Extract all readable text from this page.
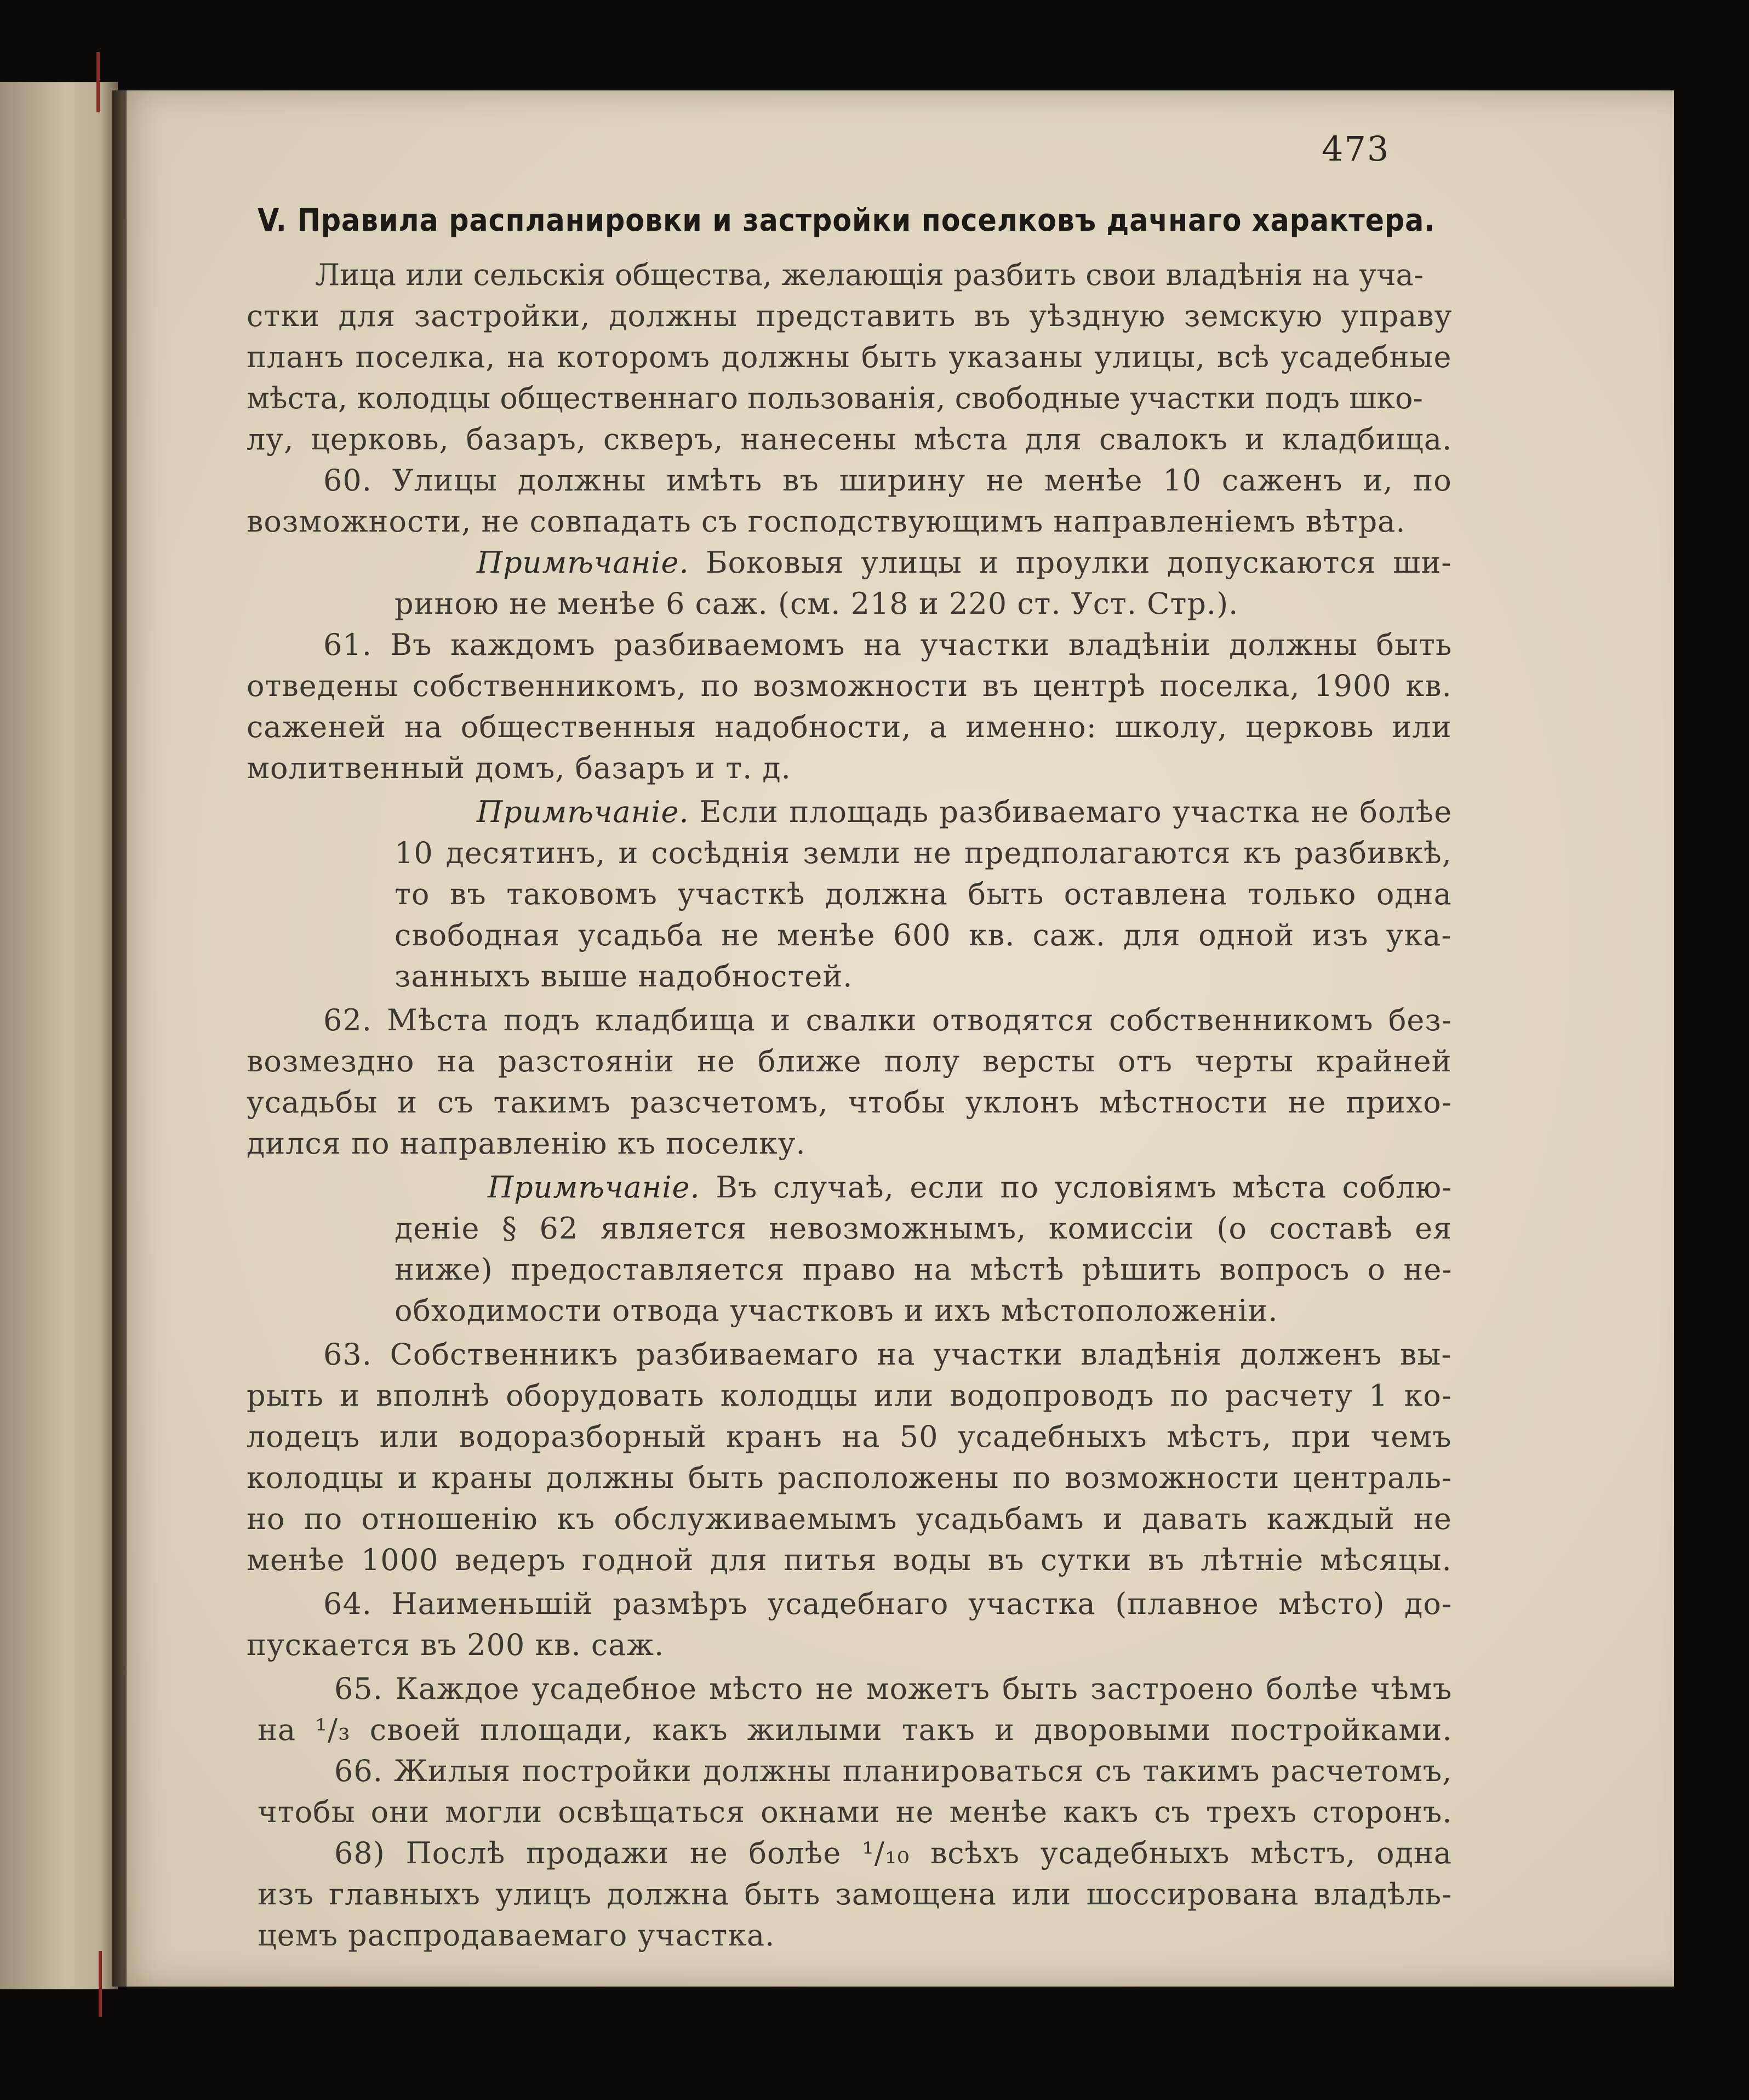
473
V. Правила распланировки и застройки поселковъ дачнаго характера.
Лица или сельскія общества, желающія разбить свои владѣнія на уча-
стки для застройки, должны представить въ уѣздную земскую управу
планъ поселка, на которомъ должны быть указаны улицы, всѣ усадебные
мѣста, колодцы общественнаго пользованія, свободные участки подъ шко-
лу, церковь, базаръ, скверъ, нанесены мѣста для свалокъ и кладбища.
60. Улицы должны имѣть въ ширину не менѣе 10 саженъ и, по
возможности, не совпадать съ господствующимъ направленіемъ вѣтра.
Примѣчаніе. Боковыя улицы и проулки допускаются ши-
риною не менѣе 6 саж. (см. 218 и 220 ст. Уст. Стр.).
61. Въ каждомъ разбиваемомъ на участки владѣніи должны быть
отведены собственникомъ, по возможности въ центрѣ поселка, 1900 кв.
саженей на общественныя надобности, а именно: школу, церковь или
молитвенный домъ, базаръ и т. д.
Примѣчаніе. Если площадь разбиваемаго участка не болѣе
10 десятинъ, и сосѣднія земли не предполагаются къ разбивкѣ,
то въ таковомъ участкѣ должна быть оставлена только одна
свободная усадьба не менѣе 600 кв. саж. для одной изъ ука-
занныхъ выше надобностей.
62. Мѣста подъ кладбища и свалки отводятся собственникомъ без-
возмездно на разстояніи не ближе полу версты отъ черты крайней
усадьбы и съ такимъ разсчетомъ, чтобы уклонъ мѣстности не прихо-
дился по направленію къ поселку.
Примѣчаніе. Въ случаѣ, если по условіямъ мѣста соблю-
деніе § 62 является невозможнымъ, комиссіи (о составѣ ея
ниже) предоставляется право на мѣстѣ рѣшить вопросъ о не-
обходимости отвода участковъ и ихъ мѣстоположеніи.
63. Собственникъ разбиваемаго на участки владѣнія долженъ вы-
рыть и вполнѣ оборудовать колодцы или водопроводъ по расчету 1 ко-
лодецъ или водоразборный кранъ на 50 усадебныхъ мѣстъ, при чемъ
колодцы и краны должны быть расположены по возможности централь-
но по отношенію къ обслуживаемымъ усадьбамъ и давать каждый не
менѣе 1000 ведеръ годной для питья воды въ сутки въ лѣтніе мѣсяцы.
64. Наименьшій размѣръ усадебнаго участка (плавное мѣсто) до-
пускается въ 200 кв. саж.
65. Каждое усадебное мѣсто не можетъ быть застроено болѣе чѣмъ
на ¹/₃ своей площади, какъ жилыми такъ и дворовыми постройками.
66. Жилыя постройки должны планироваться съ такимъ расчетомъ,
чтобы они могли освѣщаться окнами не менѣе какъ съ трехъ сторонъ.
68) Послѣ продажи не болѣе ¹/₁₀ всѣхъ усадебныхъ мѣстъ, одна
изъ главныхъ улицъ должна быть замощена или шоссирована владѣль-
цемъ распродаваемаго участка.
